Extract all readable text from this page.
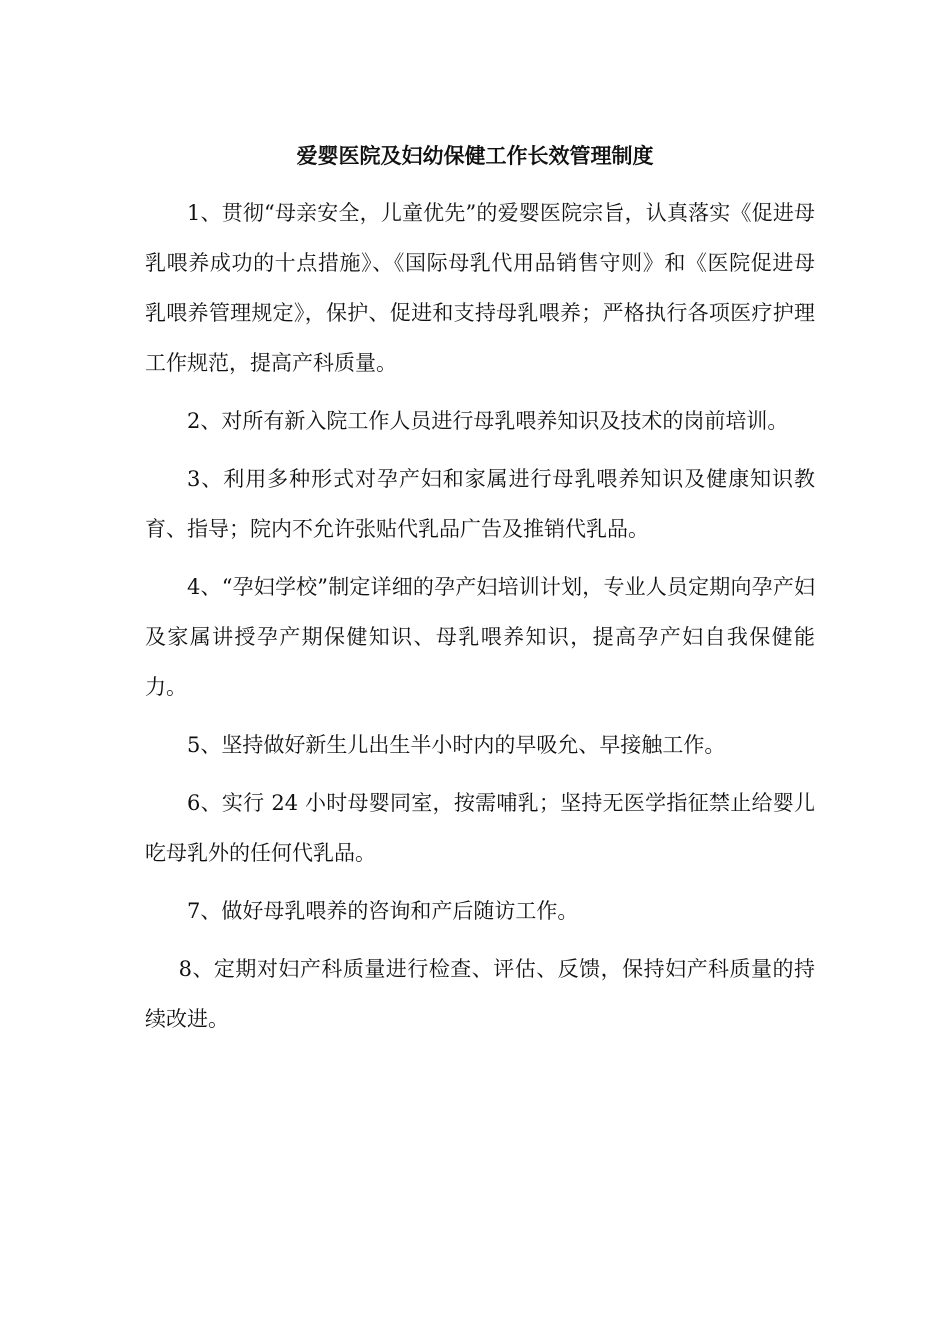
爱婴医院及妇幼保健工作长效管理制度

1、贯彻“母亲安全，儿童优先”的爱婴医院宗旨，认真落实《促进母乳喂养成功的十点措施》、《国际母乳代用品销售守则》和《医院促进母乳喂养管理规定》，保护、促进和支持母乳喂养；严格执行各项医疗护理工作规范，提高产科质量。

2、对所有新入院工作人员进行母乳喂养知识及技术的岗前培训。

3、利用多种形式对孕产妇和家属进行母乳喂养知识及健康知识教育、指导；院内不允许张贴代乳品广告及推销代乳品。

4、“孕妇学校”制定详细的孕产妇培训计划，专业人员定期向孕产妇及家属讲授孕产期保健知识、母乳喂养知识，提高孕产妇自我保健能力。

5、坚持做好新生儿出生半小时内的早吸允、早接触工作。

6、实行 24 小时母婴同室，按需哺乳；坚持无医学指征禁止给婴儿吃母乳外的任何代乳品。

7、做好母乳喂养的咨询和产后随访工作。

8、定期对妇产科质量进行检查、评估、反馈，保持妇产科质量的持续改进。
